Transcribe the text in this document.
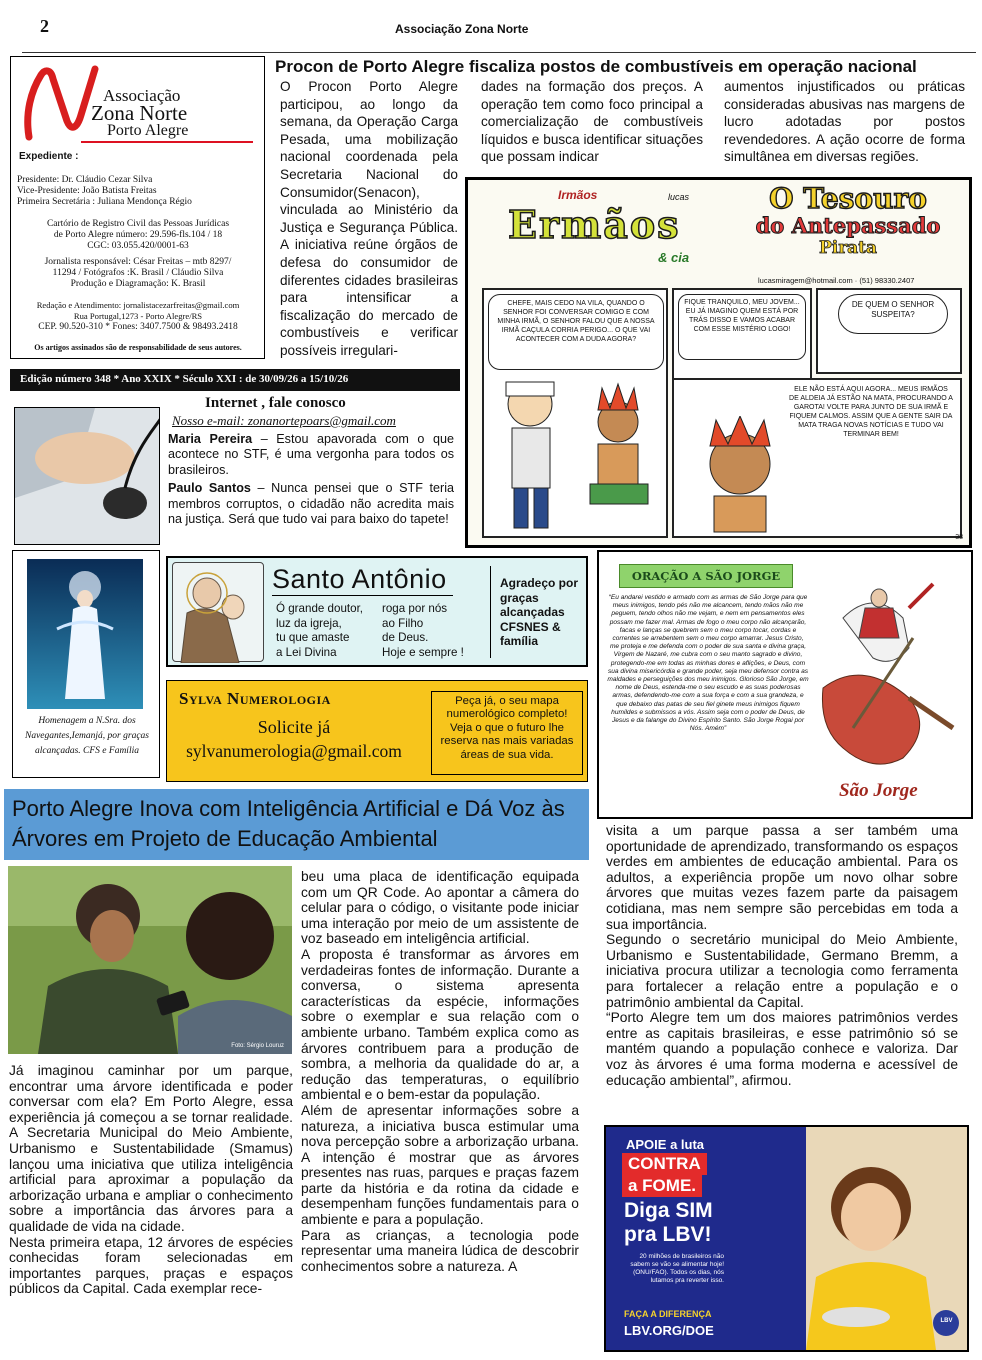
2	Associação Zona Norte
Associação
Zona Norte
Porto Alegre
Expediente :
Presidente: Dr. Cláudio Cezar Silva
Vice-Presidente: João Batista Freitas
Primeira Secretária : Juliana Mendonça Régio
Cartório de Registro Civil das Pessoas Jurídicas
de Porto Alegre número: 29.596-fls.104 / 18
CGC: 03.055.420/0001-63
Jornalista responsável: César Freitas – mtb 8297/
11294 / Fotógrafos :K. Brasil / Cláudio Silva
Produção e Diagramação: K. Brasil
Redação e Atendimento: jornalistacezarfreitas@gmail.com
Rua Portugal,1273 - Porto Alegre/RS
CEP. 90.520-310 * Fones: 3407.7500 & 98493.2418
Os artigos assinados são de responsabilidade de seus autores.
Edição número 348 * Ano XXIX * Século XXI : de 30/09/26 a 15/10/26
Procon de Porto Alegre fiscaliza postos de combustíveis em operação nacional
O Procon Porto Alegre participou, ao longo da semana, da Operação Carga Pesada, uma mobilização nacional coordenada pela Secretaria Nacional do Consumidor(Senacon), vinculada ao Ministério da Justiça e Segurança Pública. A iniciativa reúne órgãos de defesa do consumidor de diferentes cidades brasileiras para intensificar a fiscalização do mercado de combustíveis e verificar possíveis irregulari-
dades na formação dos preços. A operação tem como foco principal a comercialização de combustíveis líquidos e busca identificar situações que possam indicar
aumentos injustificados ou práticas consideradas abusivas nas margens de lucro adotadas por postos revendedores. A ação ocorre de forma simultânea em diversas regiões.
Irmãos
Ermãos
& cia
lucas	O Tesouro
do Antepassado
Pirata
lucasmiragem@hotmail.com · (51) 98330.2407
CHEFE, MAIS CEDO NA VILA, QUANDO O SENHOR FOI CONVERSAR COMIGO E COM MINHA IRMÃ, O SENHOR FALOU QUE A NOSSA IRMÃ CAÇULA CORRIA PERIGO... O QUE VAI ACONTECER COM A DUDA AGORA?
FIQUE TRANQUILO, MEU JOVEM... EU JÁ IMAGINO QUEM ESTÁ POR TRÁS DISSO E VAMOS ACABAR COM ESSE MISTÉRIO LOGO!
DE QUEM O SENHOR SUSPEITA?
ELE NÃO ESTÁ AQUI AGORA... MEUS IRMÃOS DE ALDEIA JÁ ESTÃO NA MATA, PROCURANDO A GAROTA! VOLTE PARA JUNTO DE SUA IRMÃ E FIQUEM CALMOS. ASSIM QUE A GENTE SAIR DA MATA TRAGA NOVAS NOTÍCIAS E TUDO VAI TERMINAR BEM!
38
Internet , fale conosco
Nosso e-mail: zonanortepoars@gmail.com

Maria Pereira – Estou apavorada com o que acontece no STF, é uma vergonha para todos os brasileiros.

Paulo Santos – Nunca pensei que o STF teria membros corruptos, o cidadão não acredita mais na justiça. Será que tudo vai para baixo do tapete!

Homenagem a N.Sra. dos Navegantes,Iemanjá, por graças alcançadas. CFS e Família
Santo Antônio
Ó grande doutor,
luz da igreja,
tu que amaste
a Lei Divina
roga por nós
ao Filho
de Deus.
Hoje e sempre !
Agradeço por graças alcançadas CFSNES & família
Sylva Numerologia
Solicite já
sylvanumerologia@gmail.com
Peça já, o seu mapa numerológico completo! Veja o que o futuro lhe reserva nas mais variadas áreas de sua vida.
ORAÇÃO A SÃO JORGE
“Eu andarei vestido e armado com as armas de São Jorge para que meus inimigos, tendo pés não me alcancem, tendo mãos não me peguem, tendo olhos não me vejam, e nem em pensamentos eles possam me fazer mal. Armas de fogo o meu corpo não alcançarão, facas e lanças se quebrem sem o meu corpo tocar, cordas e correntes se arrebentem sem o meu corpo amarrar. Jesus Cristo, me proteja e me defenda com o poder de sua santa e divina graça, Virgem de Nazaré, me cubra com o seu manto sagrado e divino, protegendo-me em todas as minhas dores e aflições, e Deus, com sua divina misericórdia e grande poder, seja meu defensor contra as maldades e perseguições dos meu inimigos. Glorioso São Jorge, em nome de Deus, estenda-me o seu escudo e as suas poderosas armas, defendendo-me com a sua força e com a sua grandeza, e que debaixo das patas de seu fiel ginete meus inimigos fiquem humildes e submissos a vós. Assim seja com o poder de Deus, de Jesus e da falange do Divino Espírito Santo. São Jorge Rogai por Nós. Amém”
São Jorge
Porto Alegre Inova com Inteligência Artificial e Dá Voz às Árvores em Projeto de Educação Ambiental
Foto: Sérgio Louruz

Já imaginou caminhar por um parque, encontrar uma árvore identificada e poder conversar com ela? Em Porto Alegre, essa experiência já começou a se tornar realidade. A Secretaria Municipal do Meio Ambiente, Urbanismo e Sustentabilidade (Smamus) lançou uma iniciativa que utiliza inteligência artificial para aproximar a população da arborização urbana e ampliar o conhecimento sobre a importância das árvores para a qualidade de vida na cidade.

Nesta primeira etapa, 12 árvores de espécies conhecidas foram selecionadas em importantes parques, praças e espaços públicos da Capital. Cada exemplar rece-

beu uma placa de identificação equipada com um QR Code. Ao apontar a câmera do celular para o código, o visitante pode iniciar uma interação por meio de um assistente de voz baseado em inteligência artificial.

A proposta é transformar as árvores em verdadeiras fontes de informação. Durante a conversa, o sistema apresenta características da espécie, informações sobre o exemplar e sua relação com o ambiente urbano. Também explica como as árvores contribuem para a produção de sombra, a melhoria da qualidade do ar, a redução das temperaturas, o equilíbrio ambiental e o bem-estar da população.

Além de apresentar informações sobre a natureza, a iniciativa busca estimular uma nova percepção sobre a arborização urbana. A intenção é mostrar que as árvores presentes nas ruas, parques e praças fazem parte da história e da rotina da cidade e desempenham funções fundamentais para o ambiente e para a população.

Para as crianças, a tecnologia pode representar uma maneira lúdica de descobrir conhecimentos sobre a natureza. A

visita a um parque passa a ser também uma oportunidade de aprendizado, transformando os espaços verdes em ambientes de educação ambiental. Para os adultos, a experiência propõe um novo olhar sobre árvores que muitas vezes fazem parte da paisagem cotidiana, mas nem sempre são percebidas em toda a sua importância.

Segundo o secretário municipal do Meio Ambiente, Urbanismo e Sustentabilidade, Germano Bremm, a iniciativa procura utilizar a tecnologia como ferramenta para fortalecer a relação entre a população e o patrimônio ambiental da Capital.

“Porto Alegre tem um dos maiores patrimônios verdes entre as capitais brasileiras, e esse patrimônio só se mantém quando a população conhece e valoriza. Dar voz às árvores é uma forma moderna e acessível de educação ambiental”, afirmou.

APOIE a luta
CONTRA
a FOME.
Diga SIM
pra LBV!
20 milhões de brasileiros não sabem se vão se alimentar hoje! (ONU/FAO). Todos os dias, nós lutamos pra reverter isso.
FAÇA A DIFERENÇA
LBV.ORG/DOE
LBV
